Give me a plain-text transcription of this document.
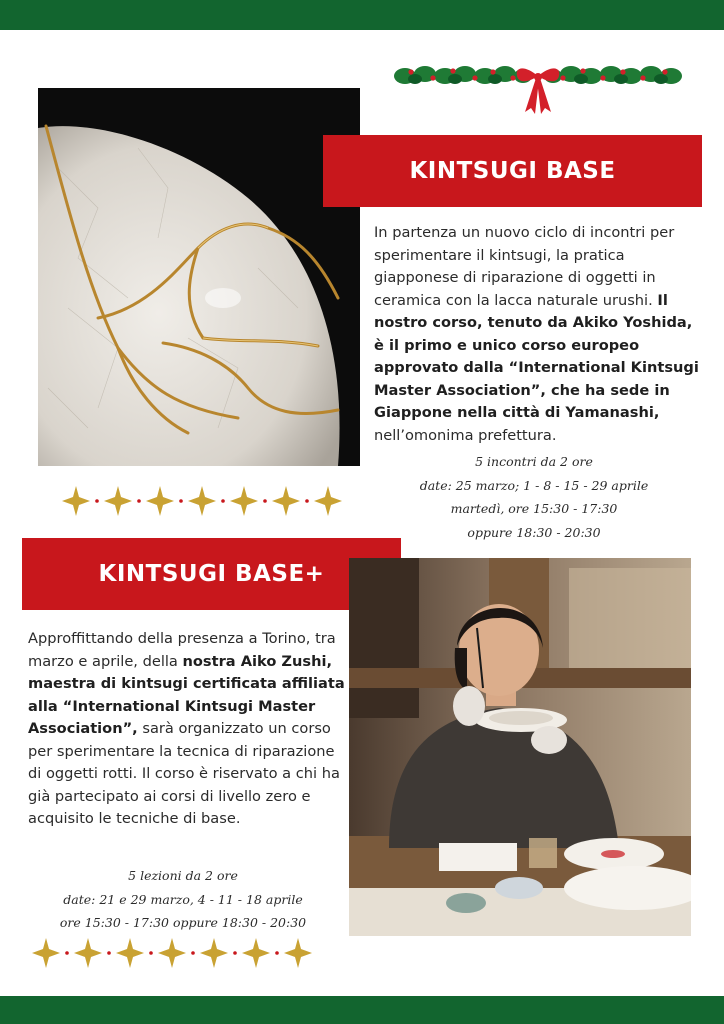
KINTSUGI BASE
In partenza un nuovo ciclo di incontri per sperimentare il kintsugi, la pratica giapponese di riparazione di oggetti in ceramica con la lacca naturale urushi. Il nostro corso, tenuto da Akiko Yoshida, è il primo e unico corso europeo approvato dalla “International Kintsugi Master Association”, che ha sede in Giappone nella città di Yamanashi, nell’omonima prefettura.
5 incontri da 2 ore
date: 25 marzo; 1 - 8 - 15 - 29 aprile
martedì, ore 15:30 - 17:30
oppure 18:30 - 20:30
KINTSUGI BASE+
Approffittando della presenza a Torino, tra marzo e aprile, della nostra Aiko Zushi, maestra di kintsugi certificata affiliata alla “International Kintsugi Master Association”, sarà organizzato un corso per sperimentare la tecnica di riparazione di oggetti rotti. Il corso è riservato a chi ha già partecipato ai corsi di livello zero e acquisito le tecniche di base.
5 lezioni da 2 ore
date: 21 e 29 marzo, 4 - 11 - 18 aprile
ore 15:30 - 17:30 oppure 18:30 - 20:30
